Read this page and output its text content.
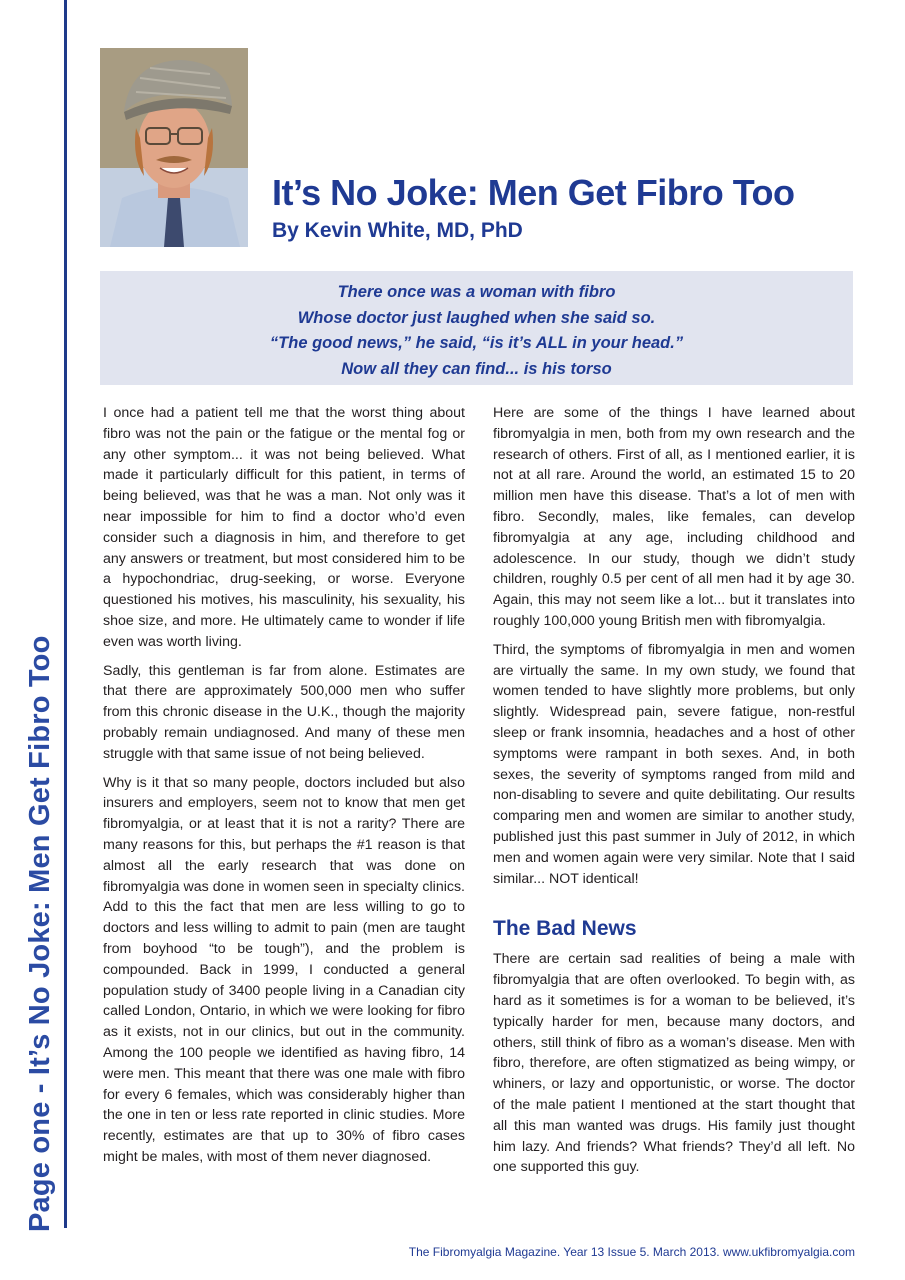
Page one - It’s No Joke: Men Get Fibro Too
It’s No Joke: Men Get Fibro Too
By Kevin White, MD, PhD
There once was a woman with fibro
Whose doctor just laughed when she said so.
“The good news,” he said, “is it’s ALL in your head.”
Now all they can find... is his torso

I once had a patient tell me that the worst thing about fibro was not the pain or the fatigue or the mental fog or any other symptom... it was not being believed. What made it particularly difficult for this patient, in terms of being believed, was that he was a man. Not only was it near impossible for him to find a doctor who’d even consider such a diagnosis in him, and therefore to get any answers or treatment, but most considered him to be a hypochondriac, drug-seeking, or worse. Everyone questioned his motives, his masculinity, his sexuality, his shoe size, and more. He ultimately came to wonder if life even was worth living.

Sadly, this gentleman is far from alone. Estimates are that there are approximately 500,000 men who suffer from this chronic disease in the U.K., though the majority probably remain undiagnosed. And many of these men struggle with that same issue of not being believed.

Why is it that so many people, doctors included but also insurers and employers, seem not to know that men get fibromyalgia, or at least that it is not a rarity? There are many reasons for this, but perhaps the #1 reason is that almost all the early research that was done on fibromyalgia was done in women seen in specialty clinics. Add to this the fact that men are less willing to go to doctors and less willing to admit to pain (men are taught from boyhood “to be tough”), and the problem is compounded. Back in 1999, I conducted a general population study of 3400 people living in a Canadian city called London, Ontario, in which we were looking for fibro as it exists, not in our clinics, but out in the community. Among the 100 people we identified as having fibro, 14 were men. This meant that there was one male with fibro for every 6 females, which was considerably higher than the one in ten or less rate reported in clinic studies. More recently, estimates are that up to 30% of fibro cases might be males, with most of them never diagnosed.

Here are some of the things I have learned about fibromyalgia in men, both from my own research and the research of others. First of all, as I mentioned earlier, it is not at all rare. Around the world, an estimated 15 to 20 million men have this disease. That’s a lot of men with fibro. Secondly, males, like females, can develop fibromyalgia at any age, including childhood and adolescence. In our study, though we didn’t study children, roughly 0.5 per cent of all men had it by age 30. Again, this may not seem like a lot... but it translates into roughly 100,000 young British men with fibromyalgia.

Third, the symptoms of fibromyalgia in men and women are virtually the same. In my own study, we found that women tended to have slightly more problems, but only slightly. Widespread pain, severe fatigue, non-restful sleep or frank insomnia, headaches and a host of other symptoms were rampant in both sexes. And, in both sexes, the severity of symptoms ranged from mild and non-disabling to severe and quite debilitating. Our results comparing men and women are similar to another study, published just this past summer in July of 2012, in which men and women again were very similar. Note that I said similar... NOT identical!

The Bad News

There are certain sad realities of being a male with fibromyalgia that are often overlooked. To begin with, as hard as it sometimes is for a woman to be believed, it’s typically harder for men, because many doctors, and others, still think of fibro as a woman’s disease. Men with fibro, therefore, are often stigmatized as being wimpy, or whiners, or lazy and opportunistic, or worse. The doctor of the male patient I mentioned at the start thought that all this man wanted was drugs. His family just thought him lazy. And friends? What friends? They’d all left. No one supported this guy.

The Fibromyalgia Magazine. Year 13 Issue 5. March 2013. www.ukfibromyalgia.com
